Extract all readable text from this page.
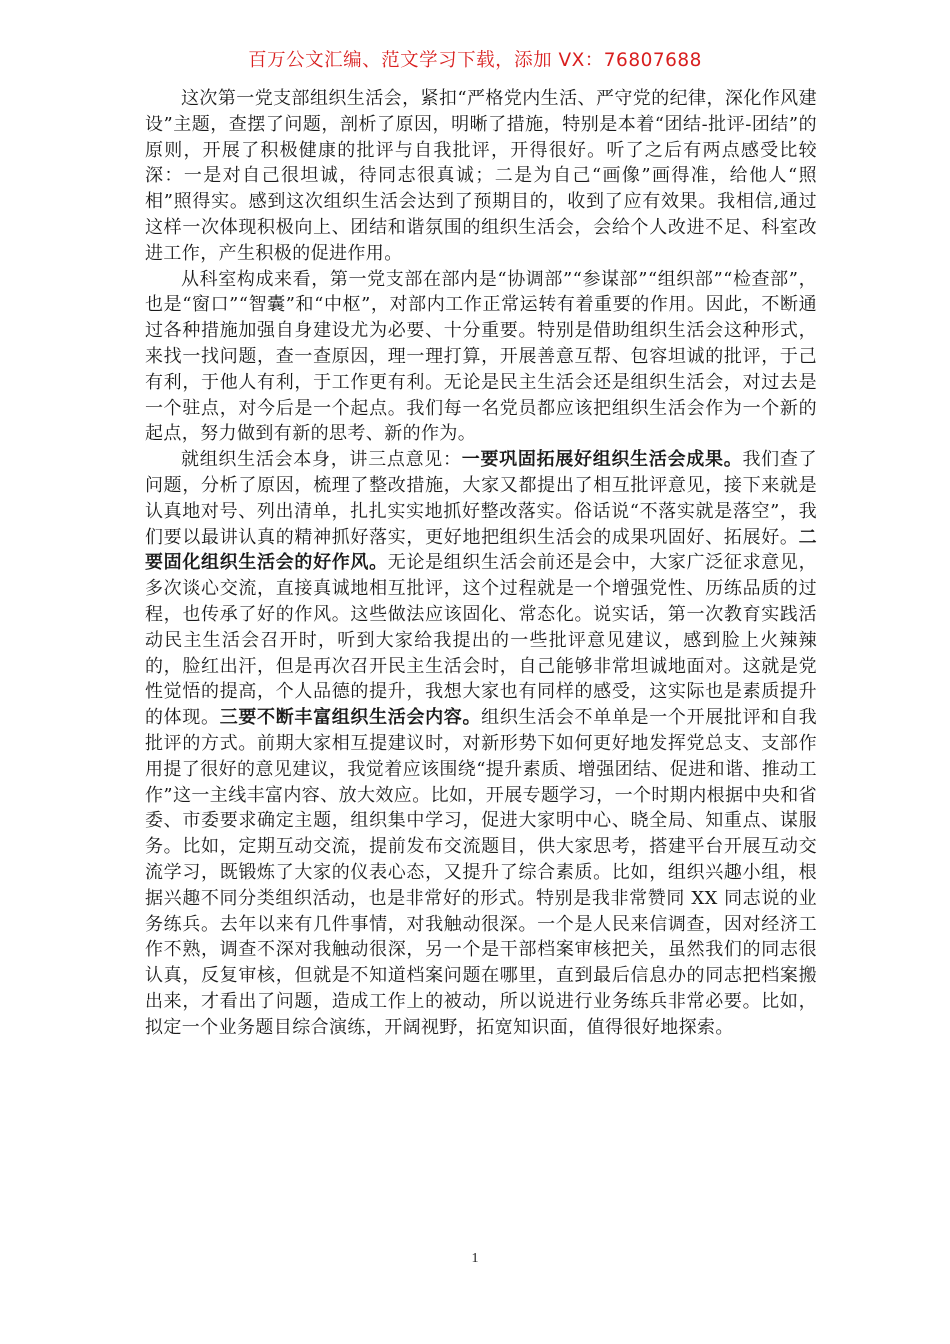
百万公文汇编、范文学习下载，添加 VX：76807688

这次第一党支部组织生活会，紧扣“严格党内生活、严守党的纪律，深化作风建设”主题，查摆了问题，剖析了原因，明晰了措施，特别是本着“团结-批评-团结”的原则，开展了积极健康的批评与自我批评，开得很好。听了之后有两点感受比较深：一是对自己很坦诚，待同志很真诚；二是为自己“画像”画得准，给他人“照相”照得实。感到这次组织生活会达到了预期目的，收到了应有效果。我相信,通过这样一次体现积极向上、团结和谐氛围的组织生活会，会给个人改进不足、科室改进工作，产生积极的促进作用。

从科室构成来看，第一党支部在部内是“协调部”“参谋部”“组织部”“检查部”，也是“窗口”“智囊”和“中枢”，对部内工作正常运转有着重要的作用。因此，不断通过各种措施加强自身建设尤为必要、十分重要。特别是借助组织生活会这种形式，来找一找问题，查一查原因，理一理打算，开展善意互帮、包容坦诚的批评，于己有利，于他人有利，于工作更有利。无论是民主生活会还是组织生活会，对过去是一个驻点，对今后是一个起点。我们每一名党员都应该把组织生活会作为一个新的起点，努力做到有新的思考、新的作为。

就组织生活会本身，讲三点意见：一要巩固拓展好组织生活会成果。我们查了问题，分析了原因，梳理了整改措施，大家又都提出了相互批评意见，接下来就是认真地对号、列出清单，扎扎实实地抓好整改落实。俗话说“不落实就是落空”，我们要以最讲认真的精神抓好落实，更好地把组织生活会的成果巩固好、拓展好。二要固化组织生活会的好作风。无论是组织生活会前还是会中，大家广泛征求意见，多次谈心交流，直接真诚地相互批评，这个过程就是一个增强党性、历练品质的过程，也传承了好的作风。这些做法应该固化、常态化。说实话，第一次教育实践活动民主生活会召开时，听到大家给我提出的一些批评意见建议，感到脸上火辣辣的，脸红出汗，但是再次召开民主生活会时，自己能够非常坦诚地面对。这就是党性觉悟的提高，个人品德的提升，我想大家也有同样的感受，这实际也是素质提升的体现。三要不断丰富组织生活会内容。组织生活会不单单是一个开展批评和自我批评的方式。前期大家相互提建议时，对新形势下如何更好地发挥党总支、支部作用提了很好的意见建议，我觉着应该围绕“提升素质、增强团结、促进和谐、推动工作”这一主线丰富内容、放大效应。比如，开展专题学习，一个时期内根据中央和省委、市委要求确定主题，组织集中学习，促进大家明中心、晓全局、知重点、谋服务。比如，定期互动交流，提前发布交流题目，供大家思考，搭建平台开展互动交流学习，既锻炼了大家的仪表心态，又提升了综合素质。比如，组织兴趣小组，根据兴趣不同分类组织活动，也是非常好的形式。特别是我非常赞同 XX 同志说的业务练兵。去年以来有几件事情，对我触动很深。一个是人民来信调查，因对经济工作不熟，调查不深对我触动很深，另一个是干部档案审核把关，虽然我们的同志很认真，反复审核，但就是不知道档案问题在哪里，直到最后信息办的同志把档案搬出来，才看出了问题，造成工作上的被动，所以说进行业务练兵非常必要。比如，拟定一个业务题目综合演练，开阔视野，拓宽知识面，值得很好地探索。

1
